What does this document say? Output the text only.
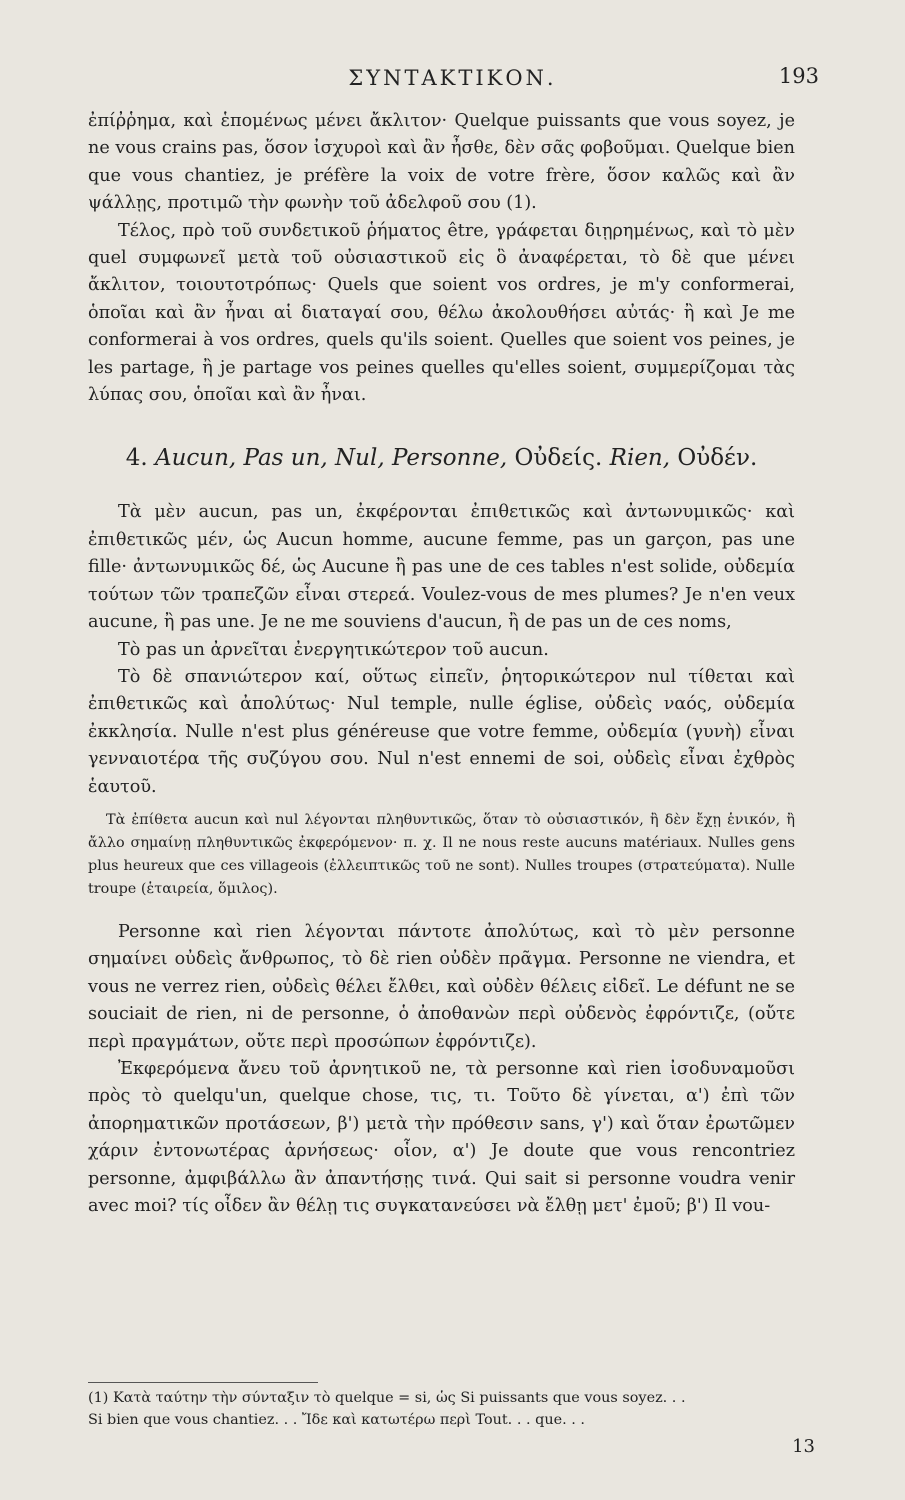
ΣΥΝΤΑΚΤΙΚΟΝ.	193

ἐπίῤῥημα, καὶ ἑπομένως μένει ἄκλιτον· Quelque puissants que vous soyez, je ne vous crains pas, ὅσον ἰσχυροὶ καὶ ἂν ἦσθε, δὲν σᾶς φοβοῦμαι. Quelque bien que vous chantiez, je préfère la voix de votre frère, ὅσον καλῶς καὶ ἂν ψάλλῃς, προτιμῶ τὴν φωνὴν τοῦ ἀδελφοῦ σου (1).

Τέλος, πρὸ τοῦ συνδετικοῦ ῥήματος être, γράφεται διῃρημένως, καὶ τὸ μὲν quel συμφωνεῖ μετὰ τοῦ οὐσιαστικοῦ εἰς ὃ ἀναφέρεται, τὸ δὲ que μένει ἄκλιτον, τοιουτοτρόπως· Quels que soient vos ordres, je m'y conformerai, ὁποῖαι καὶ ἂν ἦναι αἱ διαταγαί σου, θέλω ἀκολουθήσει αὐτάς· ἢ καὶ Je me conformerai à vos ordres, quels qu'ils soient. Quelles que soient vos peines, je les partage, ἢ je partage vos peines quelles qu'elles soient, συμμερίζομαι τὰς λύπας σου, ὁποῖαι καὶ ἂν ἦναι.

4. Aucun, Pas un, Nul, Personne, Οὐδείς. Rien, Οὐδέν.

Τὰ μὲν aucun, pas un, ἐκφέρονται ἐπιθετικῶς καὶ ἀντωνυμικῶς· καὶ ἐπιθετικῶς μέν, ὡς Aucun homme, aucune femme, pas un garçon, pas une fille· ἀντωνυμικῶς δέ, ὡς Aucune ἢ pas une de ces tables n'est solide, οὐδεμία τούτων τῶν τραπεζῶν εἶναι στερεά. Voulez-vous de mes plumes? Je n'en veux aucune, ἢ pas une. Je ne me souviens d'aucun, ἢ de pas un de ces noms,

Τὸ pas un ἀρνεῖται ἐνεργητικώτερον τοῦ aucun.

Τὸ δὲ σπανιώτερον καί, οὕτως εἰπεῖν, ῥητορικώτερον nul τίθεται καὶ ἐπιθετικῶς καὶ ἀπολύτως· Nul temple, nulle église, οὐδεὶς ναός, οὐδεμία ἐκκλησία. Nulle n'est plus généreuse que votre femme, οὐδεμία (γυνὴ) εἶναι γενναιοτέρα τῆς συζύγου σου. Nul n'est ennemi de soi, οὐδεὶς εἶναι ἐχθρὸς ἑαυτοῦ.

Τὰ ἐπίθετα aucun καὶ nul λέγονται πληθυντικῶς, ὅταν τὸ οὐσιαστικόν, ἢ δὲν ἔχῃ ἑνικόν, ἢ ἄλλο σημαίνῃ πληθυντικῶς ἐκφερόμενον· π. χ. Il ne nous reste aucuns matériaux. Nulles gens plus heureux que ces villageois (ἐλλειπτικῶς τοῦ ne sont). Nulles troupes (στρατεύματα). Nulle troupe (ἑταιρεία, ὅμιλος).

Personne καὶ rien λέγονται πάντοτε ἀπολύτως, καὶ τὸ μὲν personne σημαίνει οὐδεὶς ἄνθρωπος, τὸ δὲ rien οὐδὲν πρᾶγμα. Personne ne viendra, et vous ne verrez rien, οὐδεὶς θέλει ἔλθει, καὶ οὐδὲν θέλεις εἰδεῖ. Le défunt ne se souciait de rien, ni de personne, ὁ ἀποθανὼν περὶ οὐδενὸς ἐφρόντιζε, (οὔτε περὶ πραγμάτων, οὔτε περὶ προσώπων ἐφρόντιζε).

Ἐκφερόμενα ἄνευ τοῦ ἀρνητικοῦ ne, τὰ personne καὶ rien ἰσοδυναμοῦσι πρὸς τὸ quelqu'un, quelque chose, τις, τι. Τοῦτο δὲ γίνεται, α') ἐπὶ τῶν ἀπορηματικῶν προτάσεων, β') μετὰ τὴν πρόθεσιν sans, γ') καὶ ὅταν ἐρωτῶμεν χάριν ἐντονωτέρας ἀρνήσεως· οἷον, α') Je doute que vous rencontriez personne, ἀμφιβάλλω ἂν ἀπαντήσῃς τινά. Qui sait si personne voudra venir avec moi? τίς οἶδεν ἂν θέλῃ τις συγκατανεύσει νὰ ἔλθῃ μετ' ἐμοῦ; β') Il vou-

(1) Κατὰ ταύτην τὴν σύνταξιν τὸ quelque = si, ὡς Si puissants que vous soyez. . .

Si bien que vous chantiez. . . Ἴδε καὶ κατωτέρω περὶ Tout. . . que. . .

13
